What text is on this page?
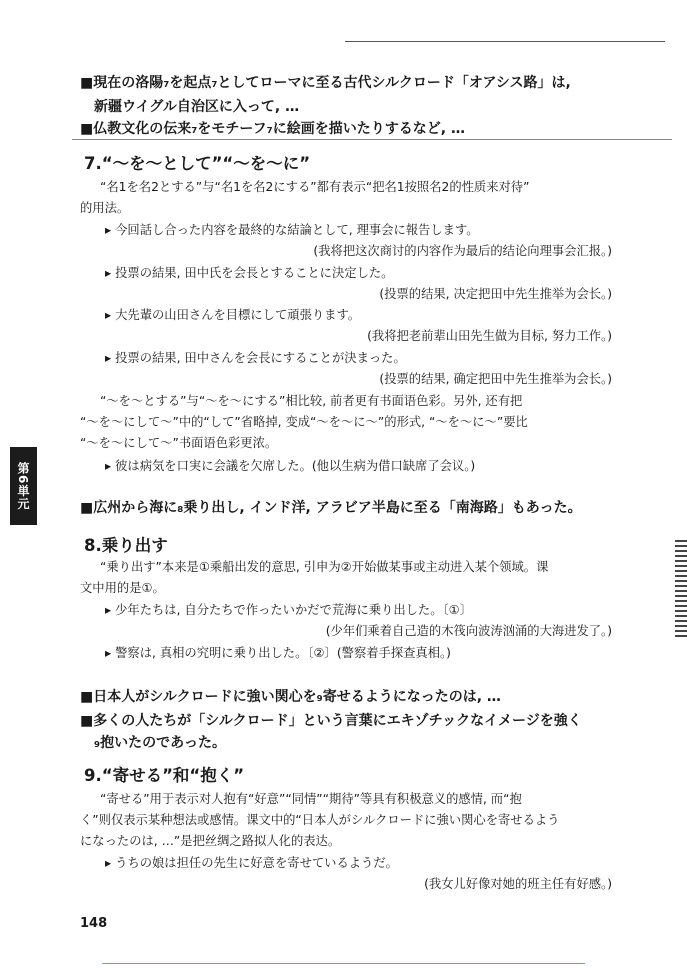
■現在の洛陽₇を起点₇としてローマに至る古代シルクロード「オアシス路」は,
新疆ウイグル自治区に入って, …
■仏教文化の伝来₇をモチーフ₇に絵画を描いたりするなど, …
7.“〜を〜として”“〜を〜に”
“名1を名2とする”与“名1を名2にする”都有表示“把名1按照名2的性质来对待”
的用法。
▸ 今回話し合った内容を最終的な結論として, 理事会に報告します。
(我将把这次商讨的内容作为最后的结论向理事会汇报。)
▸ 投票の結果, 田中氏を会長とすることに決定した。
(投票的结果, 决定把田中先生推举为会长。)
▸ 大先輩の山田さんを目標にして頑張ります。
(我将把老前辈山田先生做为目标, 努力工作。)
▸ 投票の結果, 田中さんを会長にすることが決まった。
(投票的结果, 确定把田中先生推举为会长。)
“〜を〜とする”与“〜を〜にする”相比较, 前者更有书面语色彩。另外, 还有把
“〜を〜にして〜”中的“して”省略掉, 变成“〜を〜に〜”的形式, “〜を〜に〜”要比
“〜を〜にして〜”书面语色彩更浓。
▸ 彼は病気を口実に会議を欠席した。(他以生病为借口缺席了会议。)
■広州から海に₈乗り出し, インド洋, アラビア半島に至る「南海路」もあった。
8.乗り出す
“乗り出す”本来是①乘船出发的意思, 引申为②开始做某事或主动进入某个领域。课
文中用的是①。
▸ 少年たちは, 自分たちで作ったいかだで荒海に乗り出した。〔①〕
(少年们乘着自己造的木筏向波涛汹涌的大海进发了。)
▸ 警察は, 真相の究明に乗り出した。〔②〕(警察着手探查真相。)
■日本人がシルクロードに強い関心を₉寄せるようになったのは, …
■多くの人たちが「シルクロード」という言葉にエキゾチックなイメージを強く
₉抱いたのであった。
9.“寄せる”和“抱く”
“寄せる”用于表示对人抱有“好意”“同情”“期待”等具有积极意义的感情, 而“抱
く”则仅表示某种想法或感情。课文中的“日本人がシルクロードに強い関心を寄せるよう
になったのは, …”是把丝绸之路拟人化的表达。
▸ うちの娘は担任の先生に好意を寄せているようだ。
(我女儿好像对她的班主任有好感。)
第6単元
148
